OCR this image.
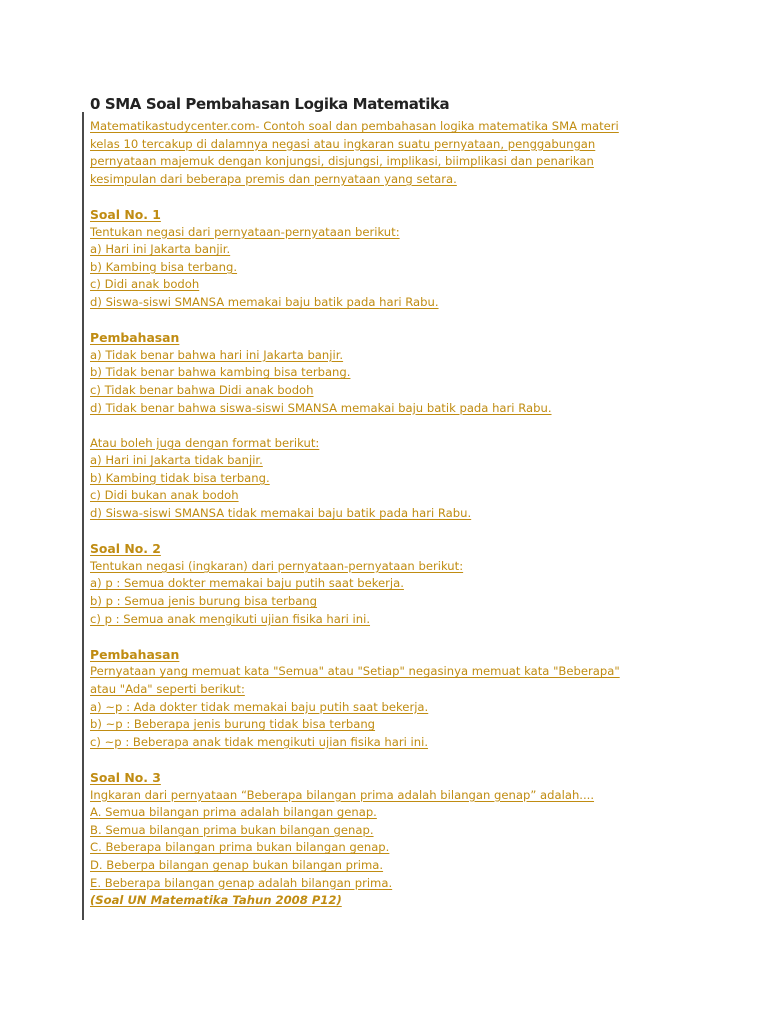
0 SMA Soal Pembahasan Logika Matematika
Matematikastudycenter.com- Contoh soal dan pembahasan logika matematika SMA materi
kelas 10 tercakup di dalamnya negasi atau ingkaran suatu pernyataan, penggabungan
pernyataan majemuk dengan konjungsi, disjungsi, implikasi, biimplikasi dan penarikan
kesimpulan dari beberapa premis dan pernyataan yang setara.
Soal No. 1
Tentukan negasi dari pernyataan-pernyataan berikut:
a) Hari ini Jakarta banjir.
b) Kambing bisa terbang.
c) Didi anak bodoh
d) Siswa-siswi SMANSA memakai baju batik pada hari Rabu.
Pembahasan
a) Tidak benar bahwa hari ini Jakarta banjir.
b) Tidak benar bahwa kambing bisa terbang.
c) Tidak benar bahwa Didi anak bodoh
d) Tidak benar bahwa siswa-siswi SMANSA memakai baju batik pada hari Rabu.
Atau boleh juga dengan format berikut:
a) Hari ini Jakarta tidak banjir.
b) Kambing tidak bisa terbang.
c) Didi bukan anak bodoh
d) Siswa-siswi SMANSA tidak memakai baju batik pada hari Rabu.
Soal No. 2
Tentukan negasi (ingkaran) dari pernyataan-pernyataan berikut:
a) p : Semua dokter memakai baju putih saat bekerja.
b) p : Semua jenis burung bisa terbang
c) p : Semua anak mengikuti ujian fisika hari ini.
Pembahasan
Pernyataan yang memuat kata "Semua" atau "Setiap" negasinya memuat kata "Beberapa"
atau "Ada" seperti berikut:
a) ~p : Ada dokter tidak memakai baju putih saat bekerja.
b) ~p : Beberapa jenis burung tidak bisa terbang
c) ~p : Beberapa anak tidak mengikuti ujian fisika hari ini.
Soal No. 3
Ingkaran dari pernyataan “Beberapa bilangan prima adalah bilangan genap” adalah....
A. Semua bilangan prima adalah bilangan genap.
B. Semua bilangan prima bukan bilangan genap.
C. Beberapa bilangan prima bukan bilangan genap.
D. Beberpa bilangan genap bukan bilangan prima.
E. Beberapa bilangan genap adalah bilangan prima.
(Soal UN Matematika Tahun 2008 P12)
